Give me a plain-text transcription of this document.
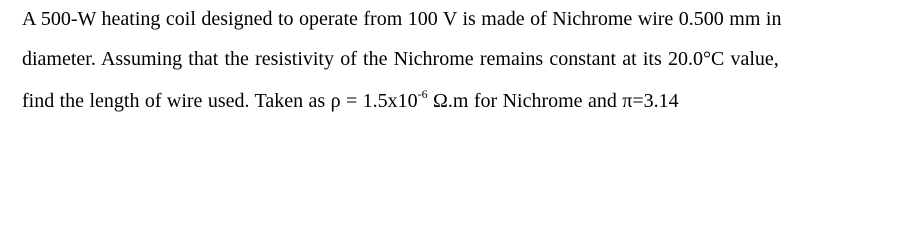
A 500-W heating coil designed to operate from 100 V is made of Nichrome wire 0.500 mm in
diameter. Assuming that the resistivity of the Nichrome remains constant at its 20.0°C value,
find the length of wire used. Taken as $\rho = 1.5x10^{-6}$ Ω.m for Nichrome and π=3.14
